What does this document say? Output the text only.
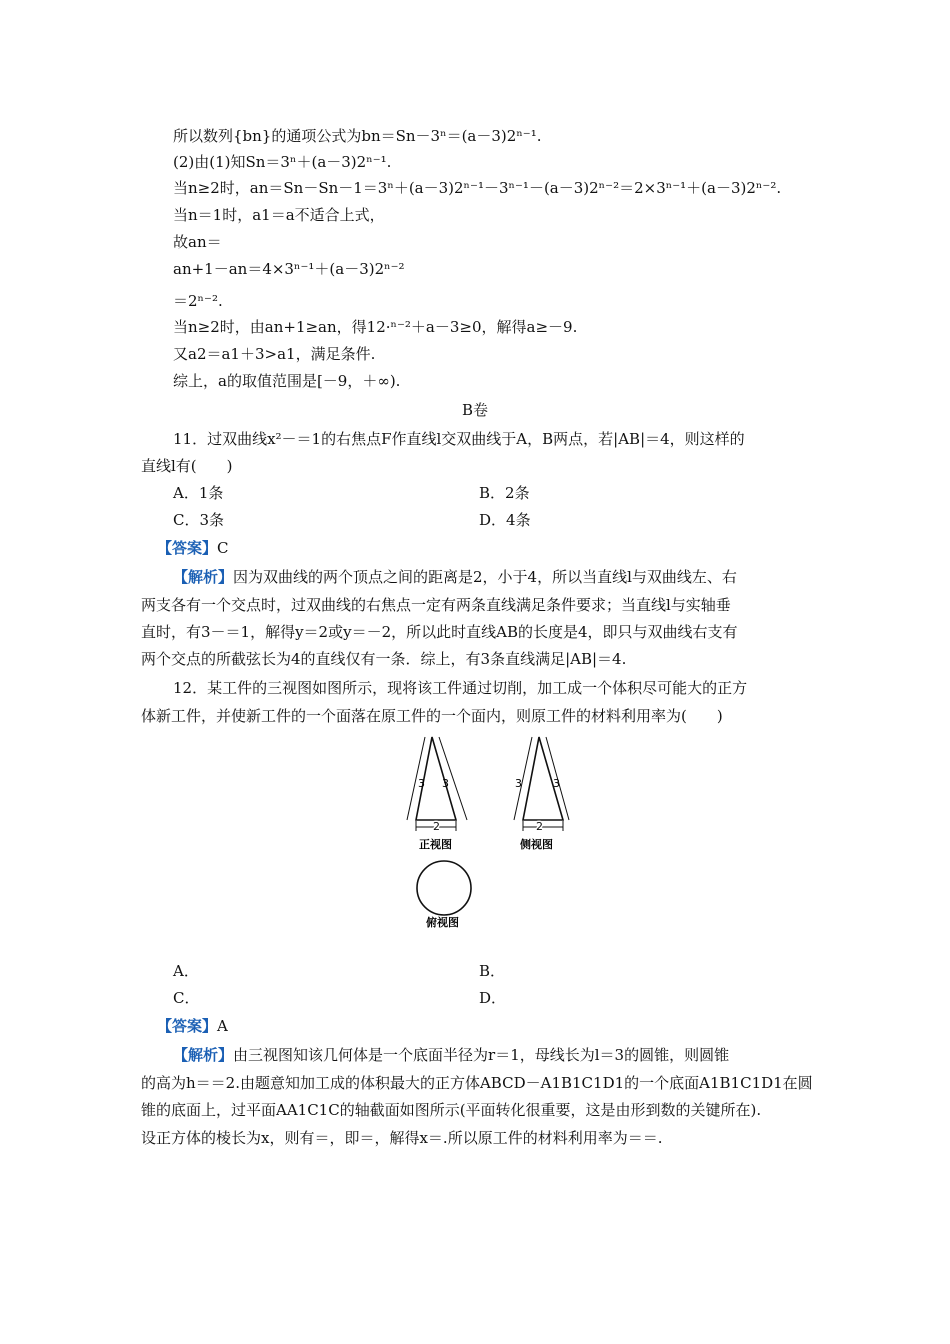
所以数列{bn}的通项公式为bn＝Sn－3ⁿ＝(a－3)2ⁿ⁻¹.
(2)由(1)知Sn＝3ⁿ＋(a－3)2ⁿ⁻¹.
当n≥2时，an＝Sn－Sn－1＝3ⁿ＋(a－3)2ⁿ⁻¹－3ⁿ⁻¹－(a－3)2ⁿ⁻²＝2×3ⁿ⁻¹＋(a－3)2ⁿ⁻².
当n＝1时，a1＝a不适合上式，
故an＝
an+1－an＝4×3ⁿ⁻¹＋(a－3)2ⁿ⁻²
＝2ⁿ⁻².
当n≥2时，由an+1≥an，得12·ⁿ⁻²＋a－3≥0，解得a≥－9.
又a2＝a1＋3>a1，满足条件.
综上，a的取值范围是[－9，＋∞).
B卷
11．过双曲线x²－＝1的右焦点F作直线l交双曲线于A，B两点，若|AB|＝4，则这样的
直线l有(　　)
A．1条	B．2条
C．3条	D．4条
【答案】C
【解析】因为双曲线的两个顶点之间的距离是2，小于4，所以当直线l与双曲线左、右
两支各有一个交点时，过双曲线的右焦点一定有两条直线满足条件要求；当直线l与实轴垂
直时，有3－＝1，解得y＝2或y＝－2，所以此时直线AB的长度是4，即只与双曲线右支有
两个交点的所截弦长为4的直线仅有一条．综上，有3条直线满足|AB|＝4.
12．某工件的三视图如图所示，现将该工件通过切削，加工成一个体积尽可能大的正方
体新工件，并使新工件的一个面落在原工件的一个面内，则原工件的材料利用率为(　　)
3 3
2
正视图
3	3
2
侧视图
俯视图
A．	B．
C．	D．
【答案】A
【解析】由三视图知该几何体是一个底面半径为r＝1，母线长为l＝3的圆锥，则圆锥
的高为h＝＝2.由题意知加工成的体积最大的正方体ABCD－A1B1C1D1的一个底面A1B1C1D1在圆
锥的底面上，过平面AA1C1C的轴截面如图所示(平面转化很重要，这是由形到数的关键所在).
设正方体的棱长为x，则有＝，即＝，解得x＝.所以原工件的材料利用率为＝＝.
